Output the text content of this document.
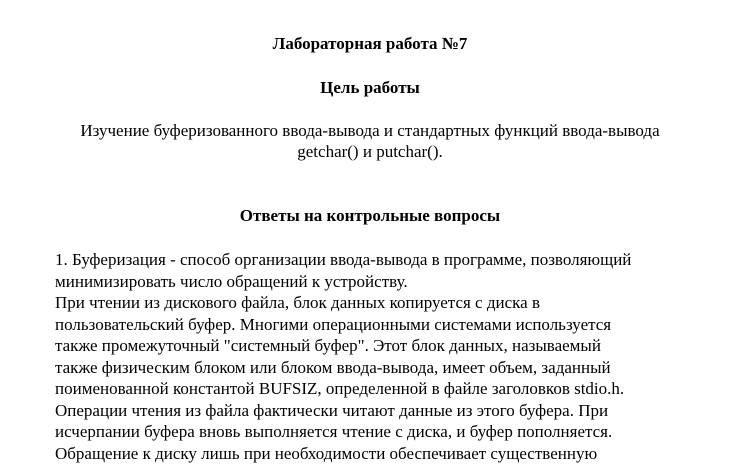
Лабораторная работа №7
Цель работы

Изучение буферизованного ввода-вывода и стандартных функций ввода-вывода
getchar() и putchar().

Ответы на контрольные вопросы
1. Буферизация - способ организации ввода-вывода в программе, позволяющий
минимизировать число обращений к устройству.
При чтении из дискового файла, блок данных копируется с диска в
пользовательский буфер. Многими операционными системами используется
также промежуточный "системный буфер". Этот блок данных, называемый
также физическим блоком или блоком ввода-вывода, имеет объем, заданный
поименованной константой BUFSIZ, определенной в файле заголовков stdio.h.
Операции чтения из файла фактически читают данные из этого буфера. При
исчерпании буфера вновь выполняется чтение с диска, и буфер пополняется.
Обращение к диску лишь при необходимости обеспечивает существенную
